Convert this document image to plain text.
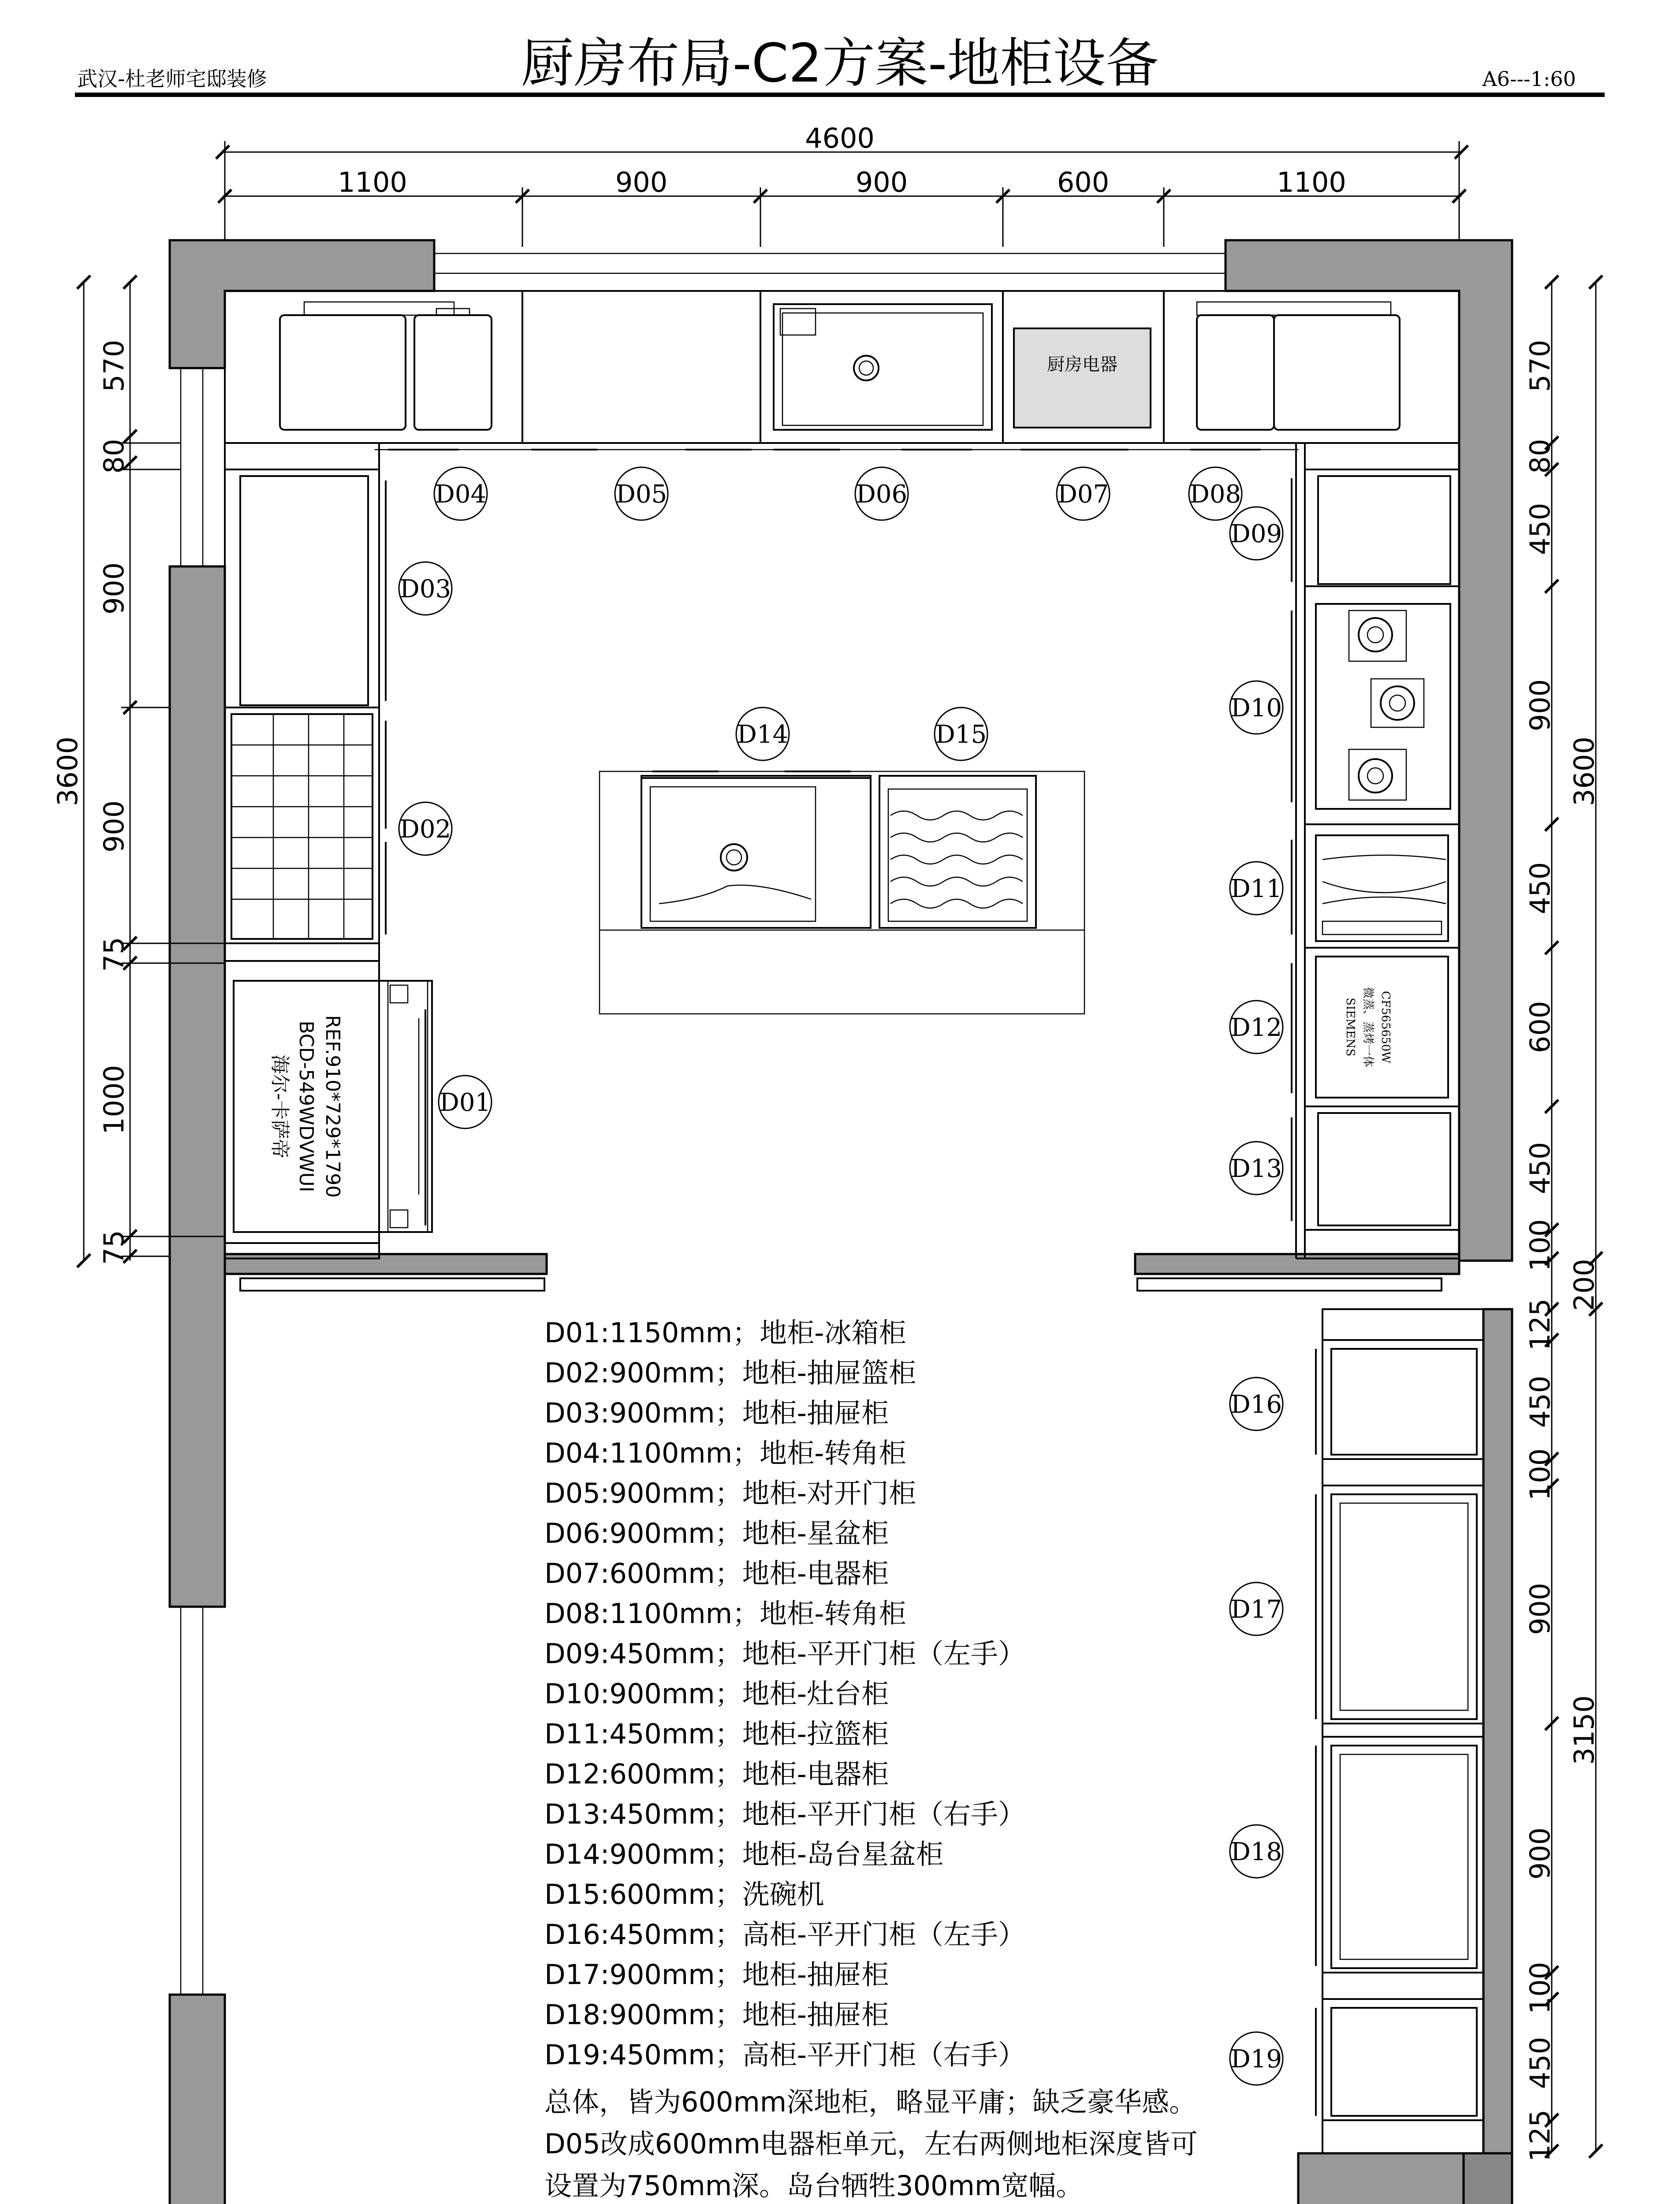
武汉-杜老师宅邸装修	厨房布局-C2方案-地柜设备	A6---1:60
4600
1100	900	900	600	1100
厨房电器
海尔-卡萨帝 BCD-549WDVWUI REF.910*729*1790	CF565650W
微蒸、蒸烤一体
SIEMENS
3600
570
80
900
900
75
1000
75
3600
570
80
450
900
450
600
450
100
200
3150
125
450
100
900
900
100
450
125
D01
D02
D03
D04	D05	D06	D07	D08
D09
D10
D11
D12
D13
D14	D15
D16
D17
D18
D19
D01:1150mm；地柜-冰箱柜
D02:900mm；地柜-抽屉篮柜
D03:900mm；地柜-抽屉柜
D04:1100mm；地柜-转角柜
D05:900mm；地柜-对开门柜
D06:900mm；地柜-星盆柜
D07:600mm；地柜-电器柜
D08:1100mm；地柜-转角柜
D09:450mm；地柜-平开门柜（左手）
D10:900mm；地柜-灶台柜
D11:450mm；地柜-拉篮柜
D12:600mm；地柜-电器柜
D13:450mm；地柜-平开门柜（右手）
D14:900mm；地柜-岛台星盆柜
D15:600mm；洗碗机
D16:450mm；高柜-平开门柜（左手）
D17:900mm；地柜-抽屉柜
D18:900mm；地柜-抽屉柜
D19:450mm；高柜-平开门柜（右手）
总体，皆为600mm深地柜，略显平庸；缺乏豪华感。
D05改成600mm电器柜单元，左右两侧地柜深度皆可
设置为750mm深。岛台牺牲300mm宽幅。
